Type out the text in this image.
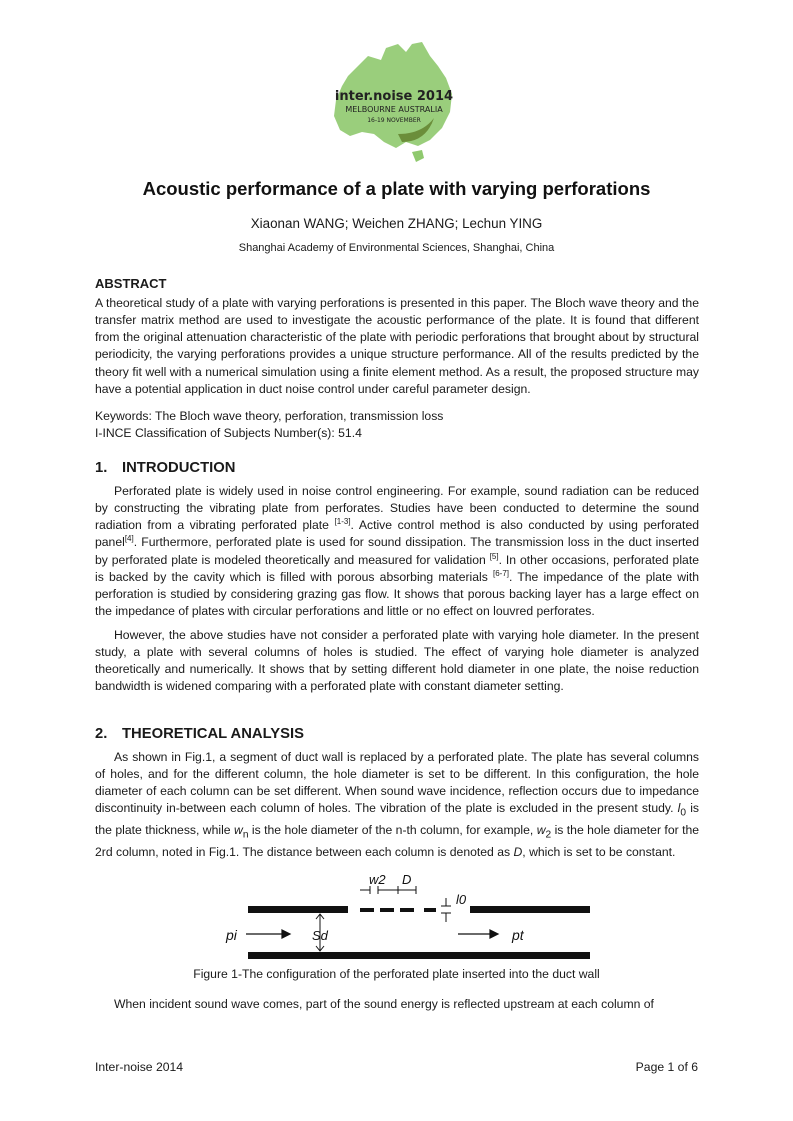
inter.noise 2014
MELBOURNE AUSTRALIA
16-19 NOVEMBER
Acoustic performance of a plate with varying perforations
Xiaonan WANG; Weichen ZHANG; Lechun YING
Shanghai Academy of Environmental Sciences, Shanghai, China
ABSTRACT
A theoretical study of a plate with varying perforations is presented in this paper. The Bloch wave theory and the transfer matrix method are used to investigate the acoustic performance of the plate. It is found that different from the original attenuation characteristic of the plate with periodic perforations that brought about by structural periodicity, the varying perforations provides a unique structure performance. All of the results predicted by the theory fit well with a numerical simulation using a finite element method. As a result, the proposed structure may have a potential application in duct noise control under careful parameter design.
Keywords: The Bloch wave theory, perforation, transmission loss
I-INCE Classification of Subjects Number(s): 51.4
1. INTRODUCTION
Perforated plate is widely used in noise control engineering. For example, sound radiation can be reduced by constructing the vibrating plate from perforates. Studies have been conducted to determine the sound radiation from a vibrating perforated plate [1-3]. Active control method is also conducted by using perforated panel[4]. Furthermore, perforated plate is used for sound dissipation. The transmission loss in the duct inserted by perforated plate is modeled theoretically and measured for validation [5]. In other occasions, perforated plate is backed by the cavity which is filled with porous absorbing materials [6-7]. The impedance of the plate with perforation is studied by considering grazing gas flow. It shows that porous backing layer has a large effect on the impedance of plates with circular perforations and little or no effect on louvred perforates.
However, the above studies have not consider a perforated plate with varying hole diameter. In the present study, a plate with several columns of holes is studied. The effect of varying hole diameter is analyzed theoretically and numerically. It shows that by setting different hold diameter in one plate, the noise reduction bandwidth is widened comparing with a perforated plate with constant diameter setting.
2. THEORETICAL ANALYSIS
As shown in Fig.1, a segment of duct wall is replaced by a perforated plate. The plate has several columns of holes, and for the different column, the hole diameter is set to be different. In this configuration, the hole diameter of each column can be set different. When sound wave incidence, reflection occurs due to impedance discontinuity in-between each column of holes. The vibration of the plate is excluded in the present study. $l_0$ is the plate thickness, while $w_n$ is the hole diameter of the n-th column, for example, $w_2$ is the hole diameter for the 2rd column, noted in Fig.1. The distance between each column is denoted as D, which is set to be constant.
w2 D
l0
pi	Sd	pt
Figure 1-The configuration of the perforated plate inserted into the duct wall
When incident sound wave comes, part of the sound energy is reflected upstream at each column of
Inter-noise 2014	Page 1 of 6
